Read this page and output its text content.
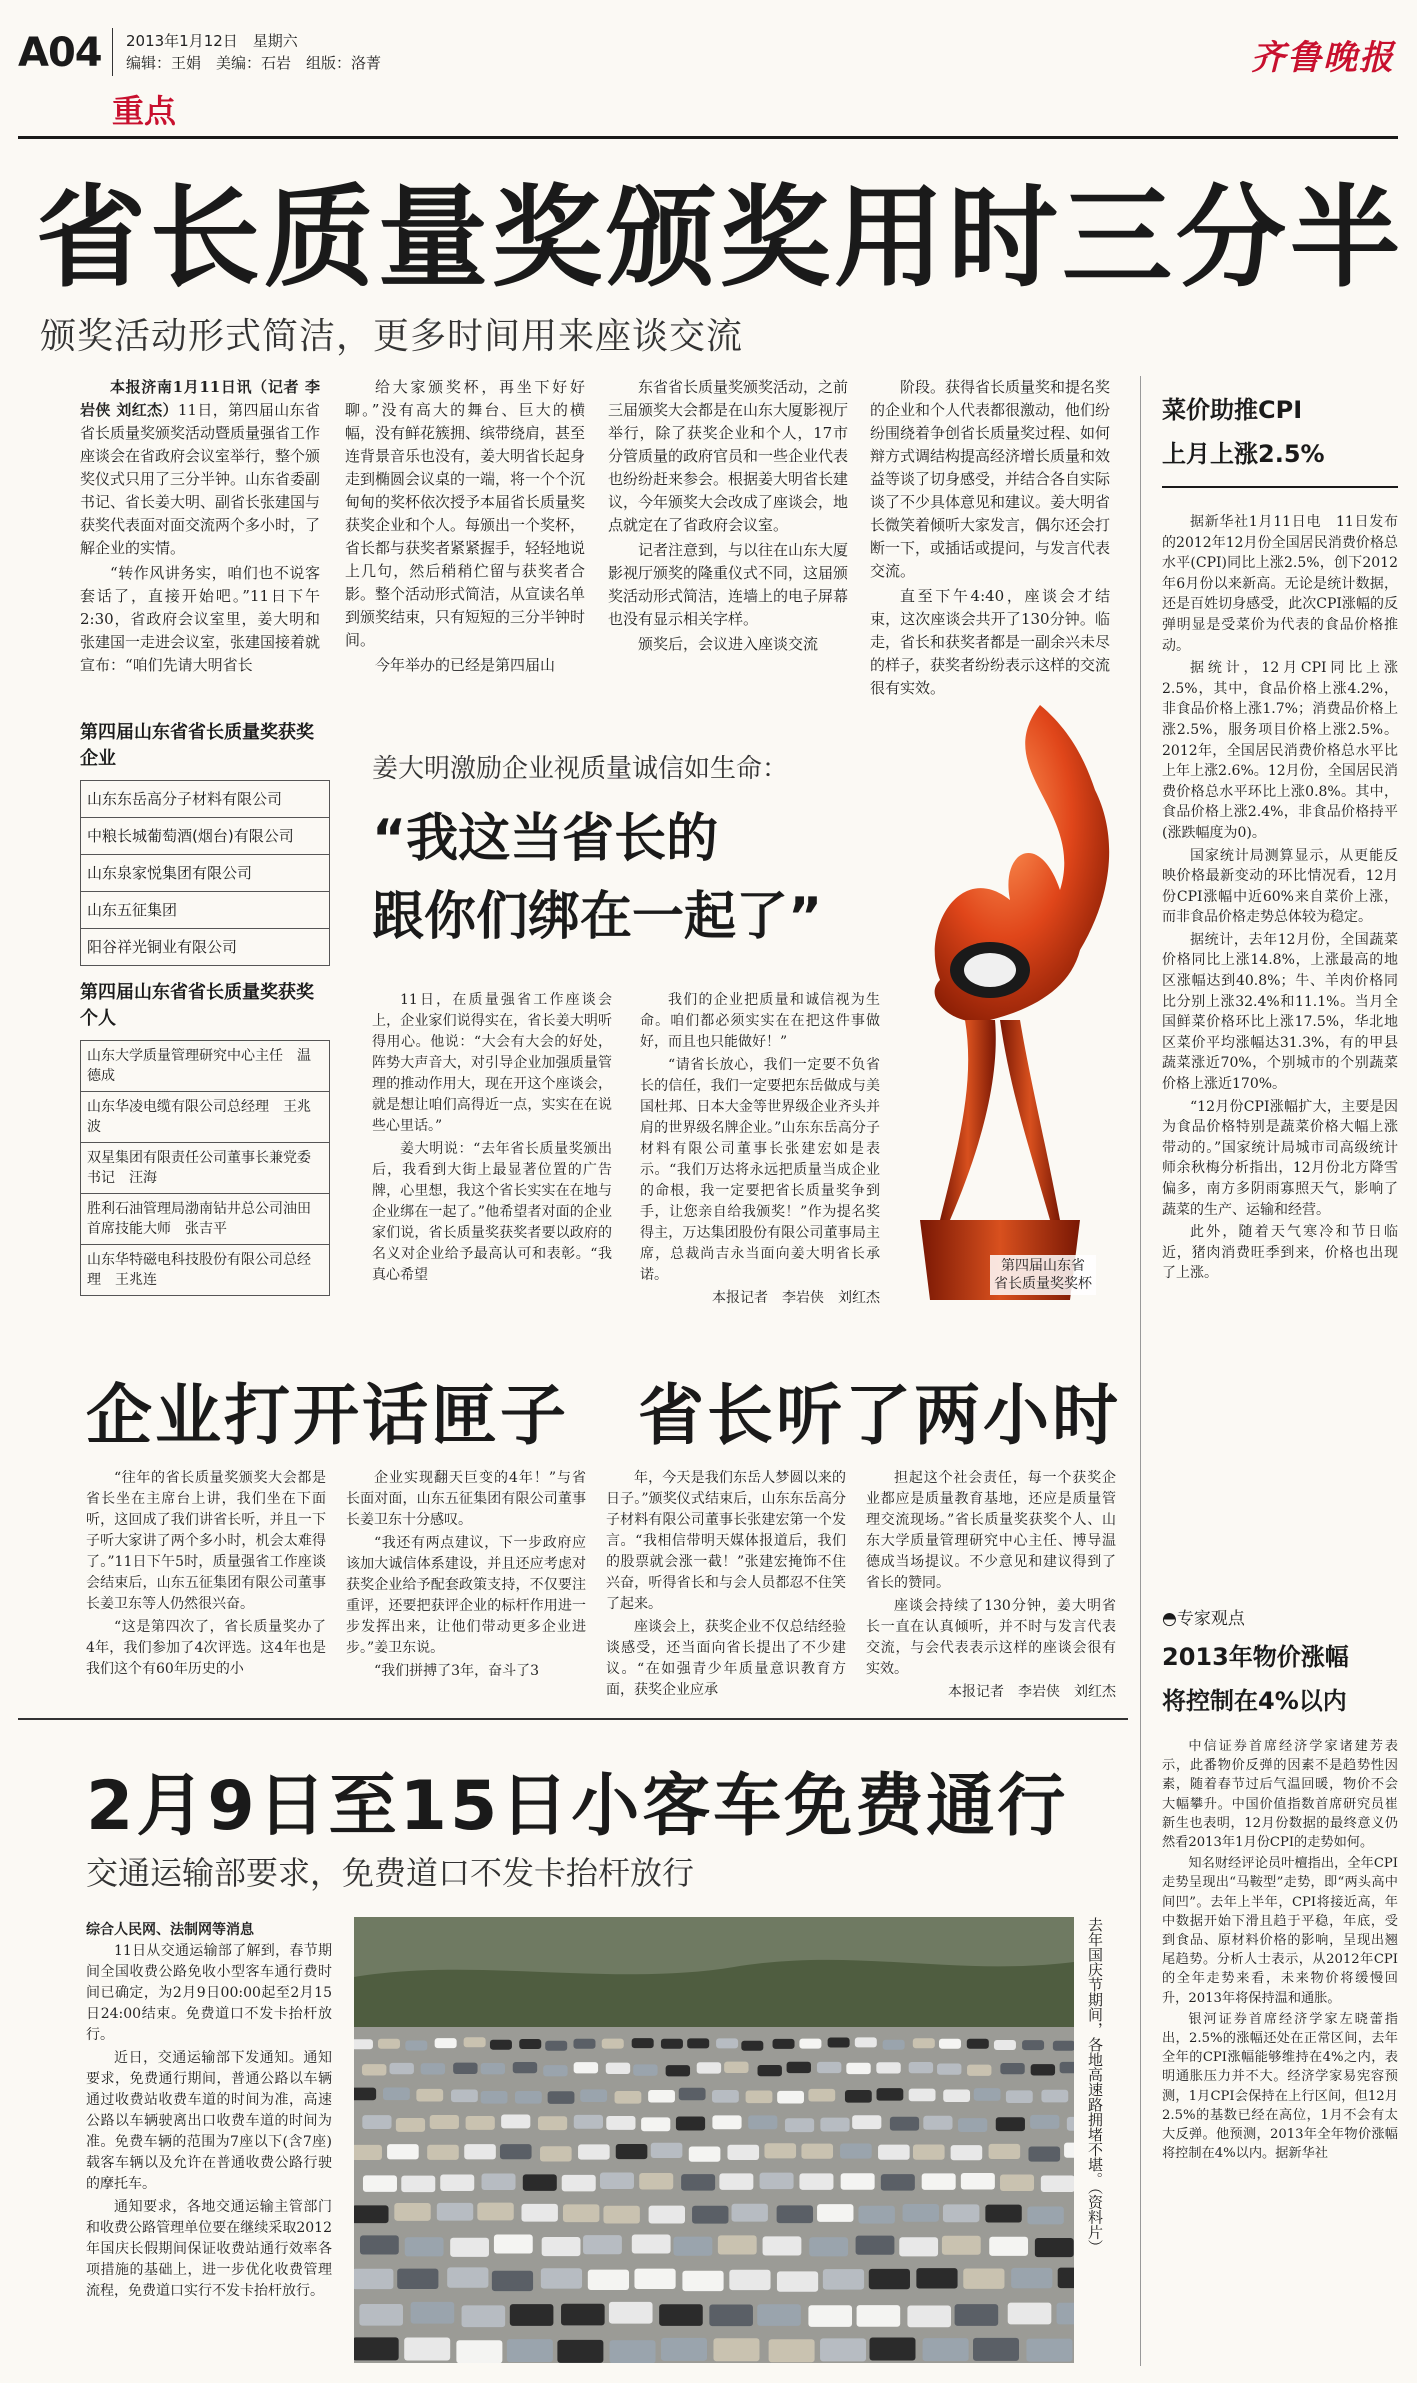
A04 2013年1月12日　星期六
编辑：王娟　美编：石岩　组版：洛菁	齐鲁晚报
重点
省长质量奖颁奖用时三分半
颁奖活动形式简洁，更多时间用来座谈交流

本报济南1月11日讯（记者 李岩侠 刘红杰）11日，第四届山东省省长质量奖颁奖活动暨质量强省工作座谈会在省政府会议室举行，整个颁奖仪式只用了三分半钟。山东省委副书记、省长姜大明、副省长张建国与获奖代表面对面交流两个多小时，了解企业的实情。

“转作风讲务实，咱们也不说客套话了，直接开始吧。”11日下午2:30，省政府会议室里，姜大明和张建国一走进会议室，张建国接着就宣布：“咱们先请大明省长

给大家颁奖杯，再坐下好好聊。”没有高大的舞台、巨大的横幅，没有鲜花簇拥、缤带绕肩，甚至连背景音乐也没有，姜大明省长起身走到椭圆会议桌的一端，将一个个沉甸甸的奖杯依次授予本届省长质量奖获奖企业和个人。每颁出一个奖杯，省长都与获奖者紧紧握手，轻轻地说上几句，然后稍稍伫留与获奖者合影。整个活动形式简洁，从宣读名单到颁奖结束，只有短短的三分半钟时间。

今年举办的已经是第四届山

东省省长质量奖颁奖活动，之前三届颁奖大会都是在山东大厦影视厅举行，除了获奖企业和个人，17市分管质量的政府官员和一些企业代表也纷纷赶来参会。根据姜大明省长建议，今年颁奖大会改成了座谈会，地点就定在了省政府会议室。

记者注意到，与以往在山东大厦影视厅颁奖的隆重仪式不同，这届颁奖活动形式简洁，连墙上的电子屏幕也没有显示相关字样。

颁奖后，会议进入座谈交流

阶段。获得省长质量奖和提名奖的企业和个人代表都很激动，他们纷纷围绕着争创省长质量奖过程、如何辩方式调结构提高经济增长质量和效益等谈了切身感受，并结合各自实际谈了不少具体意见和建议。姜大明省长微笑着倾听大家发言，偶尔还会打断一下，或插话或提问，与发言代表交流。

直至下午4:40，座谈会才结束，这次座谈会共开了130分钟。临走，省长和获奖者都是一副余兴未尽的样子，获奖者纷纷表示这样的交流很有实效。

第四届山东省省长质量奖获奖企业
山东东岳高分子材料有限公司
中粮长城葡萄酒(烟台)有限公司
山东泉家悦集团有限公司
山东五征集团
阳谷祥光铜业有限公司
第四届山东省省长质量奖获奖个人
山东大学质量管理研究中心主任　温德成
山东华凌电缆有限公司总经理　王兆波
双星集团有限责任公司董事长兼党委书记　汪海
胜利石油管理局渤南钻井总公司油田首席技能大师　张吉平
山东华特磁电科技股份有限公司总经理　王兆连
姜大明激励企业视质量诚信如生命：
“我这当省长的
跟你们绑在一起了”

11日，在质量强省工作座谈会上，企业家们说得实在，省长姜大明听得用心。他说：“大会有大会的好处，阵势大声音大，对引导企业加强质量管理的推动作用大，现在开这个座谈会，就是想让咱们高得近一点，实实在在说些心里话。”

姜大明说：“去年省长质量奖颁出后，我看到大街上最显著位置的广告牌，心里想，我这个省长实实在在地与企业绑在一起了。”他希望者对面的企业家们说，省长质量奖获奖者要以政府的名义对企业给予最高认可和表彰。“我真心希望

我们的企业把质量和诚信视为生命。咱们都必须实实在在把这件事做好，而且也只能做好！”

“请省长放心，我们一定要不负省长的信任，我们一定要把东岳做成与美国杜邦、日本大金等世界级企业齐头并肩的世界级名牌企业。”山东东岳高分子材料有限公司董事长张建宏如是表示。“我们万达将永远把质量当成企业的命根，我一定要把省长质量奖争到手，让您亲自给我颁奖！”作为提名奖得主，万达集团股份有限公司董事局主席，总裁尚吉永当面向姜大明省长承诺。

本报记者　李岩侠　刘红杰
第四届山东省
省长质量奖奖杯
企业打开话匣子　省长听了两小时

“往年的省长质量奖颁奖大会都是省长坐在主席台上讲，我们坐在下面听，这回成了我们讲省长听，并且一下子听大家讲了两个多小时，机会太难得了。”11日下午5时，质量强省工作座谈会结束后，山东五征集团有限公司董事长姜卫东等人仍然很兴奋。

“这是第四次了，省长质量奖办了4年，我们参加了4次评选。这4年也是我们这个有60年历史的小

企业实现翻天巨变的4年！”与省长面对面，山东五征集团有限公司董事长姜卫东十分感叹。

“我还有两点建议，下一步政府应该加大诚信体系建设，并且还应考虑对获奖企业给予配套政策支持，不仅要注重评，还要把获评企业的标杆作用进一步发挥出来，让他们带动更多企业进步。”姜卫东说。

“我们拼搏了3年，奋斗了3

年，今天是我们东岳人梦圆以来的日子。”颁奖仪式结束后，山东东岳高分子材料有限公司董事长张建宏第一个发言。“我相信带明天媒体报道后，我们的股票就会涨一截！”张建宏掩饰不住兴奋，听得省长和与会人员都忍不住笑了起来。

座谈会上，获奖企业不仅总结经验谈感受，还当面向省长提出了不少建议。“在如强青少年质量意识教育方面，获奖企业应承

担起这个社会责任，每一个获奖企业都应是质量教育基地，还应是质量管理交流现场。”省长质量奖获奖个人、山东大学质量管理研究中心主任、博导温德成当场提议。不少意见和建议得到了省长的赞同。

座谈会持续了130分钟，姜大明省长一直在认真倾听，并不时与发言代表交流，与会代表表示这样的座谈会很有实效。

本报记者　李岩侠　刘红杰
2月9日至15日小客车免费通行
交通运输部要求，免费道口不发卡抬杆放行
综合人民网、法制网等消息

11日从交通运输部了解到，春节期间全国收费公路免收小型客车通行费时间已确定，为2月9日00:00起至2月15日24:00结束。免费道口不发卡抬杆放行。

近日，交通运输部下发通知。通知要求，免费通行期间，普通公路以车辆通过收费站收费车道的时间为准，高速公路以车辆驶离出口收费车道的时间为准。免费车辆的范围为7座以下(含7座)载客车辆以及允许在普通收费公路行驶的摩托车。

通知要求，各地交通运输主管部门和收费公路管理单位要在继续采取2012年国庆长假期间保证收费站通行效率各项措施的基础上，进一步优化收费管理流程，免费道口实行不发卡抬杆放行。

去年国庆节期间，各地高速路拥堵不堪。（资料片）
菜价助推CPI
上月上涨2.5%

据新华社1月11日电　11日发布的2012年12月份全国居民消费价格总水平(CPI)同比上涨2.5%，创下2012年6月份以来新高。无论是统计数据，还是百姓切身感受，此次CPI涨幅的反弹明显是受菜价为代表的食品价格推动。

据统计，12月CPI同比上涨2.5%，其中，食品价格上涨4.2%，非食品价格上涨1.7%；消费品价格上涨2.5%，服务项目价格上涨2.5%。2012年，全国居民消费价格总水平比上年上涨2.6%。12月份，全国居民消费价格总水平环比上涨0.8%。其中，食品价格上涨2.4%，非食品价格持平(涨跌幅度为0)。

国家统计局测算显示，从更能反映价格最新变动的环比情况看，12月份CPI涨幅中近60%来自菜价上涨，而非食品价格走势总体较为稳定。

据统计，去年12月份，全国蔬菜价格同比上涨14.8%，上涨最高的地区涨幅达到40.8%；牛、羊肉价格同比分别上涨32.4%和11.1%。当月全国鲜菜价格环比上涨17.5%，华北地区菜价平均涨幅达31.3%，有的甲县蔬菜涨近70%，个别城市的个别蔬菜价格上涨近170%。

“12月份CPI涨幅扩大，主要是因为食品价格特别是蔬菜价格大幅上涨带动的。”国家统计局城市司高级统计师余秋梅分析指出，12月份北方降雪偏多，南方多阴雨寡照天气，影响了蔬菜的生产、运输和经营。

此外，随着天气寒冷和节日临近，猪肉消费旺季到来，价格也出现了上涨。

◓专家观点
2013年物价涨幅
将控制在4%以内

中信证券首席经济学家诸建芳表示，此番物价反弹的因素不是趋势性因素，随着春节过后气温回暖，物价不会大幅攀升。中国价值指数首席研究员崔新生也表明，12月份数据的最终意义仍然看2013年1月份CPI的走势如何。

知名财经评论员叶檀指出，全年CPI走势呈现出“马鞍型”走势，即“两头高中间凹”。去年上半年，CPI将接近高，年中数据开始下滑且趋于平稳，年底，受到食品、原材料价格的影响，呈现出翘尾趋势。分析人士表示，从2012年CPI的全年走势来看，未来物价将缓慢回升，2013年将保持温和通胀。

银河证券首席经济学家左晓蕾指出，2.5%的涨幅还处在正常区间，去年全年的CPI涨幅能够维持在4%之内，表明通胀压力并不大。经济学家易宪容预测，1月CPI会保持在上行区间，但12月2.5%的基数已经在高位，1月不会有太大反弹。他预测，2013年全年物价涨幅将控制在4%以内。据新华社
